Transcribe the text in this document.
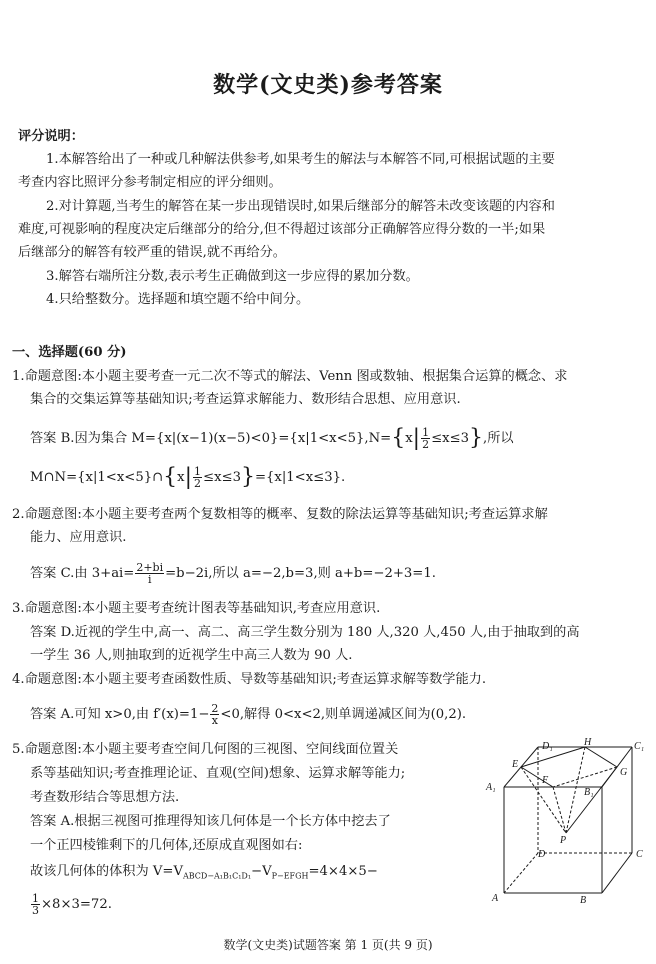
数学(文史类)参考答案
评分说明：
1.本解答给出了一种或几种解法供参考,如果考生的解法与本解答不同,可根据试题的主要
考查内容比照评分参考制定相应的评分细则。
2.对计算题,当考生的解答在某一步出现错误时,如果后继部分的解答未改变该题的内容和
难度,可视影响的程度决定后继部分的给分,但不得超过该部分正确解答应得分数的一半;如果
后继部分的解答有较严重的错误,就不再给分。
3.解答右端所注分数,表示考生正确做到这一步应得的累加分数。
4.只给整数分。选择题和填空题不给中间分。
一、选择题(60 分)
1.命题意图:本小题主要考查一元二次不等式的解法、Venn 图或数轴、根据集合运算的概念、求
集合的交集运算等基础知识;考查运算求解能力、数形结合思想、应用意识.
答案 B.因为集合 $M=\{x|(x-1)(x-5)<0\}=\{x|1<x<5\},N=\{x| \frac{1}{2} \le x\le 3\}$,所以
M∩N={x|1<x<5}∩{x| $\frac{1}{2} \le x\le 3\}=\{x|1<x\le 3\}$.
2.命题意图:本小题主要考查两个复数相等的概率、复数的除法运算等基础知识;考查运算求解
能力、应用意识.
答案 C.由 $3+ai= \frac{2+bi}{i} =b-2i$,所以 a=−2,b=3,则 a+b=−2+3=1.
3.命题意图:本小题主要考查统计图表等基础知识,考查应用意识.
答案 D.近视的学生中,高一、高二、高三学生数分别为 180 人,320 人,450 人,由于抽取到的高
一学生 36 人,则抽取到的近视学生中高三人数为 90 人.
4.命题意图:本小题主要考查函数性质、导数等基础知识;考查运算求解等数学能力.
答案 A.可知 x>0,由 $f'(x)=1- \frac{2}{x} <0$,解得 0<x<2,则单调递减区间为(0,2).
5.命题意图:本小题主要考查空间几何图的三视图、空间线面位置关
系等基础知识;考查推理论证、直观(空间)想象、运算求解等能力;
考查数形结合等思想方法.
答案 A.根据三视图可推理得知该几何体是一个长方体中挖去了
一个正四棱锥剩下的几何体,还原成直观图如右:
故该几何体的体积为 $V=V_{ABCD-A_1B_1C_1D_1}-V_{P-EFGH}=4\times 4\times 5-$
$\frac{1}{3} \times 8\times 3=72$.
D₁	H	C₁
E
F
G
B₁
A₁
P
D	C
A	B
数学(文史类)试题答案 第 1 页(共 9 页)
